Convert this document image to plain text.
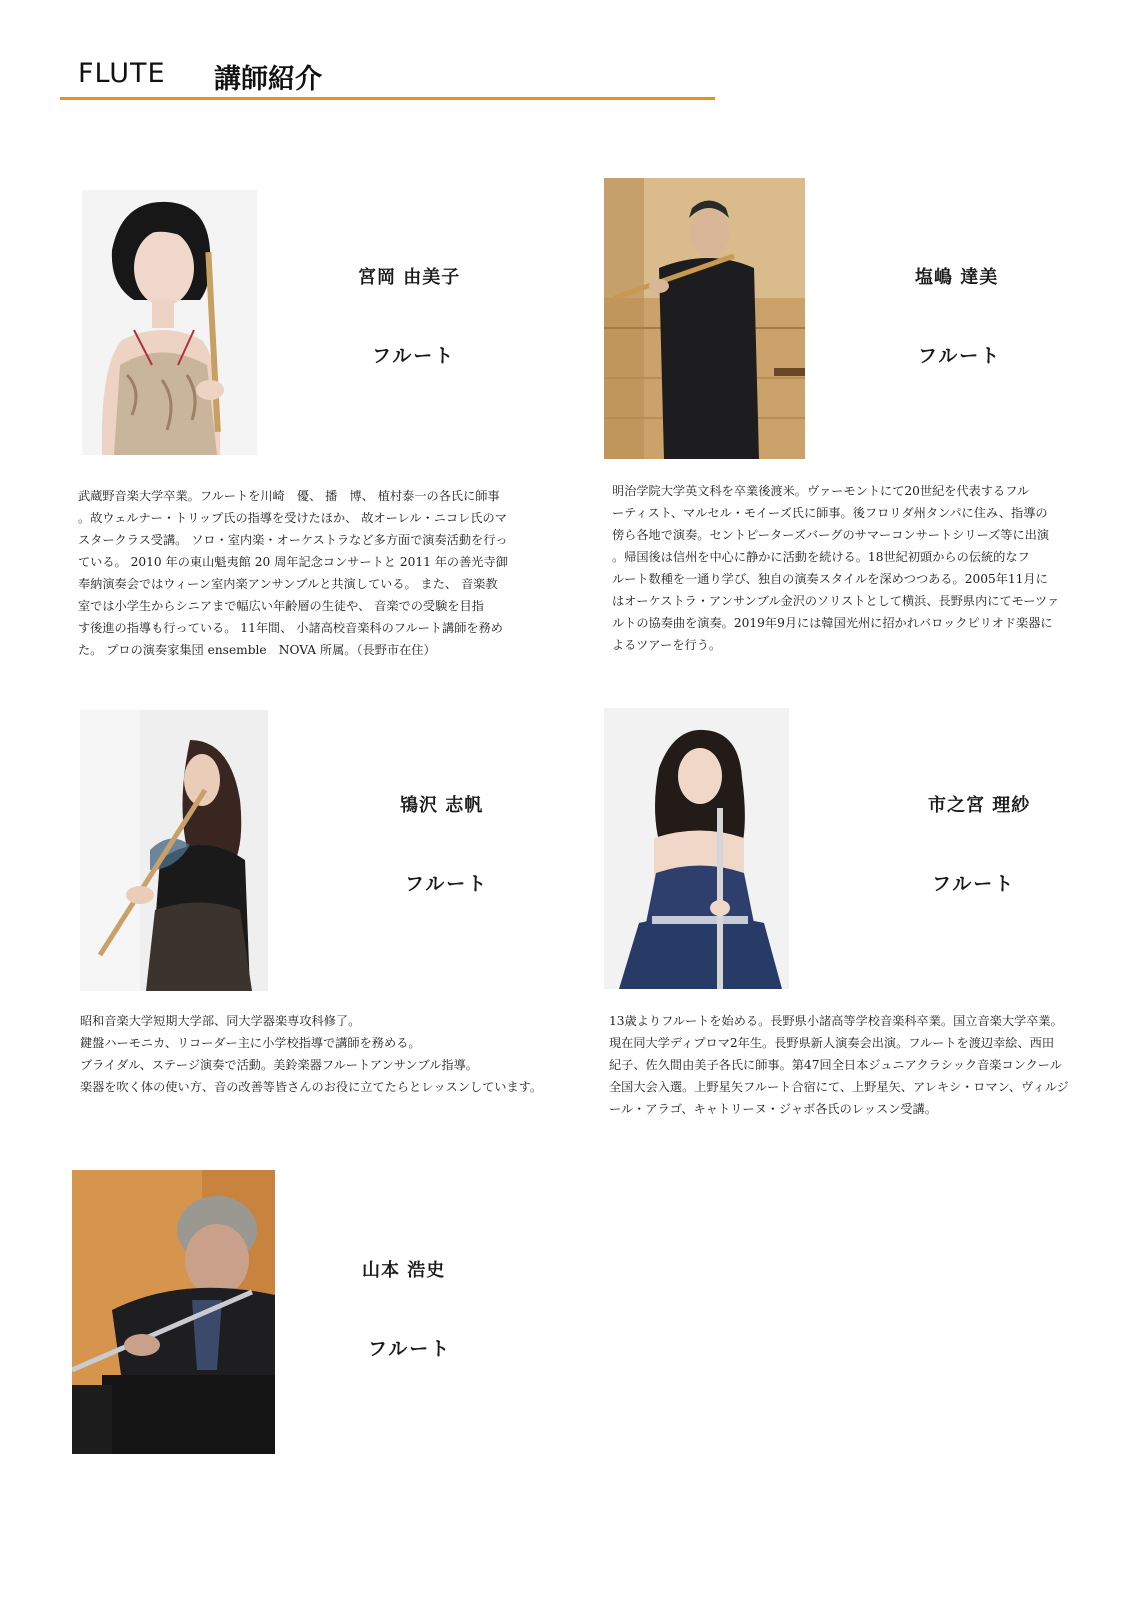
FLUTE 講師紹介
宮岡 由美子
フルート
武蔵野音楽大学卒業。フルートを川崎　優、 播　博、 植村泰一の各氏に師事
。故ウェルナー・トリップ氏の指導を受けたほか、 故オーレル・ニコレ氏のマ
スタークラス受講。 ソロ・室内楽・オーケストラなど多方面で演奏活動を行っ
ている。 2010 年の東山魁夷館 20 周年記念コンサートと 2011 年の善光寺御
奉納演奏会ではウィーン室内楽アンサンブルと共演している。 また、 音楽教
室では小学生からシニアまで幅広い年齢層の生徒や、 音楽での受験を目指
す後進の指導も行っている。 11年間、 小諸高校音楽科のフルート講師を務め
た。 プロの演奏家集団 ensemble　NOVA 所属。（長野市在住）
塩嶋 達美
フルート
明治学院大学英文科を卒業後渡米。ヴァーモントにて20世紀を代表するフル
ーティスト、マルセル・モイーズ氏に師事。後フロリダ州タンパに住み、指導の
傍ら各地で演奏。セントピーターズバーグのサマーコンサートシリーズ等に出演
。帰国後は信州を中心に静かに活動を続ける。18世紀初頭からの伝統的なフ
ルート数種を一通り学び、独自の演奏スタイルを深めつつある。2005年11月に
はオーケストラ・アンサンブル金沢のソリストとして横浜、長野県内にてモーツァ
ルトの協奏曲を演奏。2019年9月には韓国光州に招かれバロックピリオド楽器に
よるツアーを行う。
鴇沢 志帆
フルート
昭和音楽大学短期大学部、同大学器楽専攻科修了。
鍵盤ハーモニカ、リコーダー主に小学校指導で講師を務める。
ブライダル、ステージ演奏で活動。美鈴楽器フルートアンサンブル指導。
楽器を吹く体の使い方、音の改善等皆さんのお役に立てたらとレッスンしています。
市之宮 理紗
フルート
13歳よりフルートを始める。長野県小諸高等学校音楽科卒業。国立音楽大学卒業。
現在同大学ディプロマ2年生。長野県新人演奏会出演。フルートを渡辺幸絵、西田
紀子、佐久間由美子各氏に師事。第47回全日本ジュニアクラシック音楽コンクール
全国大会入選。上野星矢フルート合宿にて、上野星矢、アレキシ・ロマン、ヴィルジ
ール・アラゴ、キャトリーヌ・ジャボ各氏のレッスン受講。
山本 浩史
フルート
